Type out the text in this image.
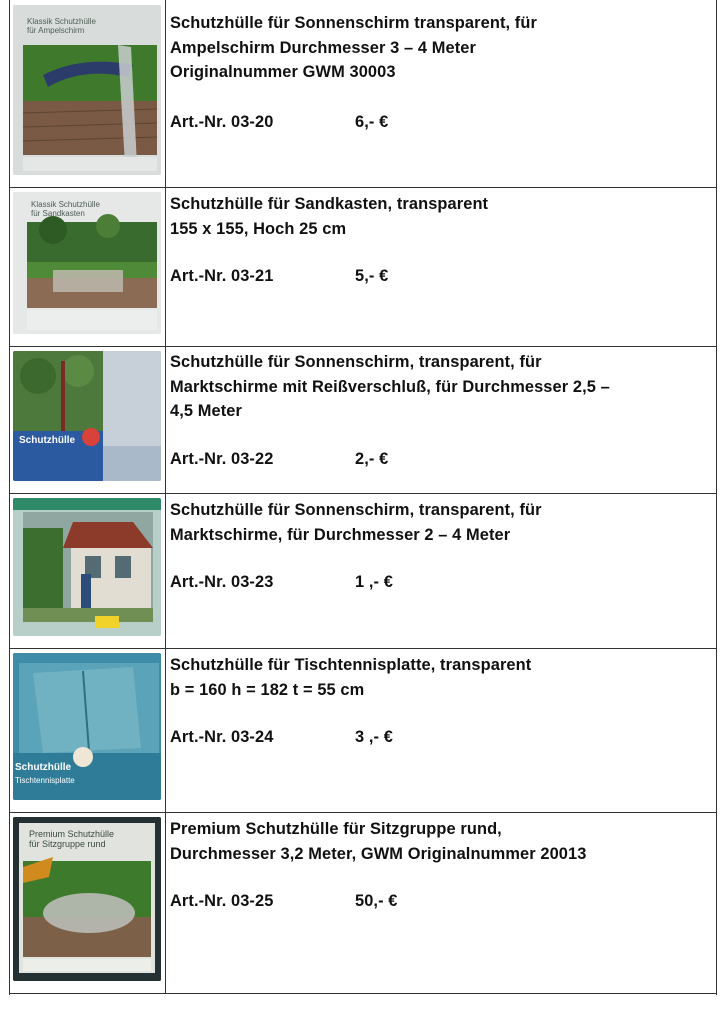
Klassik Schutzhülle
für Ampelschirm	Schutzhülle für Sonnenschirm transparent, für
Ampelschirm Durchmesser 3 – 4 Meter
Originalnummer GWM 30003
Art.-Nr. 03-20	6,- €
Klassik Schutzhülle
für Sandkasten
Schutzhülle für Sandkasten, transparent
155 x 155, Hoch 25 cm
Art.-Nr. 03-21	5,- €
Schutzhülle
Schutzhülle für Sonnenschirm, transparent, für
Marktschirme mit Reißverschluß, für Durchmesser 2,5 –
4,5 Meter
Art.-Nr. 03-22	2,- €
Schutzhülle für Sonnenschirm, transparent, für
Marktschirme, für Durchmesser 2 – 4 Meter
Art.-Nr. 03-23	1 ,- €
Schutzhülle
Tischtennisplatte
Schutzhülle für Tischtennisplatte, transparent
b = 160 h = 182 t = 55 cm
Art.-Nr. 03-24	3 ,- €
Premium Schutzhülle
für Sitzgruppe rund
Premium Schutzhülle für Sitzgruppe rund,
Durchmesser 3,2 Meter, GWM Originalnummer 20013
Art.-Nr. 03-25	50,- €
